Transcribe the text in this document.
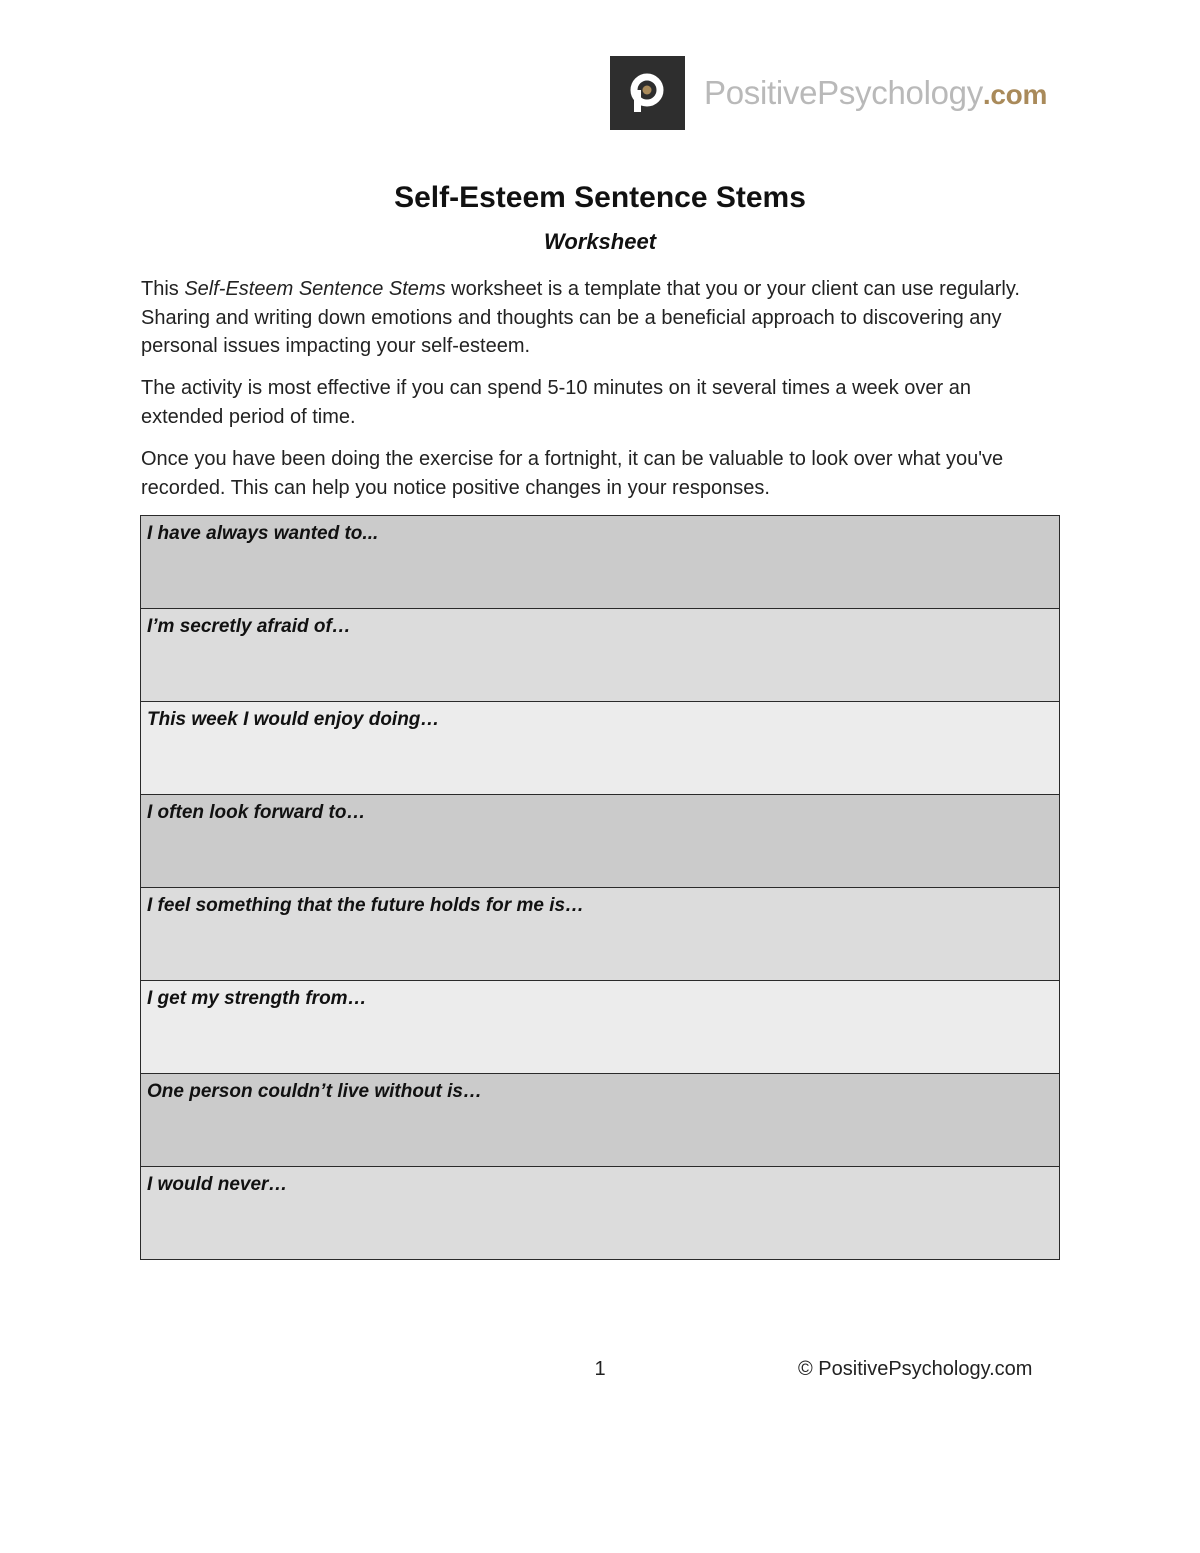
PositivePsychology.com
Self-Esteem Sentence Stems
Worksheet

This Self-Esteem Sentence Stems worksheet is a template that you or your client can use regularly. Sharing and writing down emotions and thoughts can be a beneficial approach to discovering any personal issues impacting your self-esteem.

The activity is most effective if you can spend 5-10 minutes on it several times a week over an extended period of time.

Once you have been doing the exercise for a fortnight, it can be valuable to look over what you've recorded. This can help you notice positive changes in your responses.

I have always wanted to...
I’m secretly afraid of…
This week I would enjoy doing…
I often look forward to…
I feel something that the future holds for me is…
I get my strength from…
One person couldn’t live without is…
I would never…
1	© PositivePsychology.com
